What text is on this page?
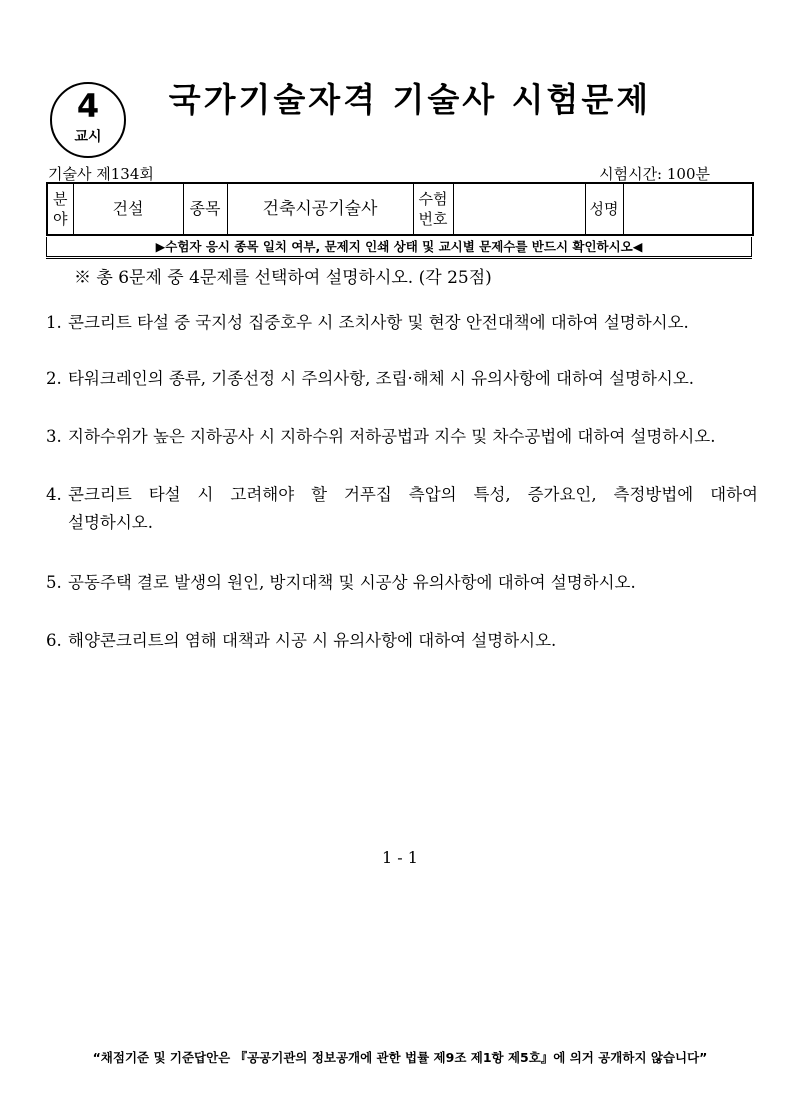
4
교시
국가기술자격 기술사 시험문제
기술사 제134회	시험시간: 100분
분야	건설	종목	건축시공기술사	수험번호		성명	
▶수험자 응시 종목 일치 여부, 문제지 인쇄 상태 및 교시별 문제수를 반드시 확인하시오◀
※ 총 6문제 중 4문제를 선택하여 설명하시오. (각 25점)
1. 콘크리트 타설 중 국지성 집중호우 시 조치사항 및 현장 안전대책에 대하여 설명하시오.
2. 타워크레인의 종류, 기종선정 시 주의사항, 조립·해체 시 유의사항에 대하여 설명하시오.
3. 지하수위가 높은 지하공사 시 지하수위 저하공법과 지수 및 차수공법에 대하여 설명하시오.
4. 콘크리트 타설 시 고려해야 할 거푸집 측압의 특성, 증가요인, 측정방법에 대하여
설명하시오.
5. 공동주택 결로 발생의 원인, 방지대책 및 시공상 유의사항에 대하여 설명하시오.
6. 해양콘크리트의 염해 대책과 시공 시 유의사항에 대하여 설명하시오.
1 - 1
“채점기준 및 기준답안은 『공공기관의 정보공개에 관한 법률 제9조 제1항 제5호』에 의거 공개하지 않습니다”
